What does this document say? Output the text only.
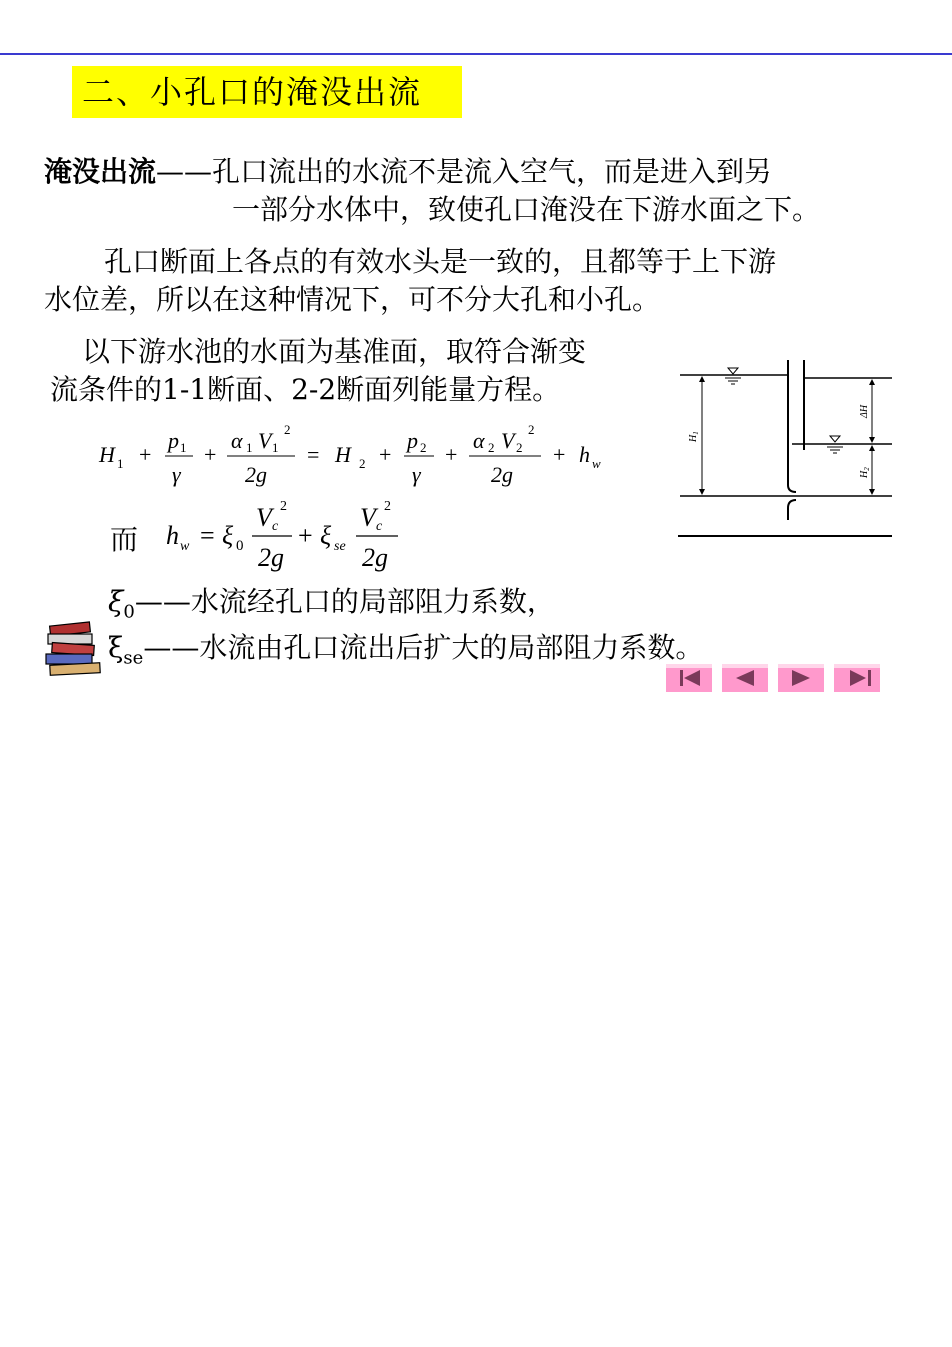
二、小孔口的淹没出流
淹没出流——孔口流出的水流不是流入空气，而是进入到另
一部分水体中，致使孔口淹没在下游水面之下。
孔口断面上各点的有效水头是一致的，且都等于上下游
水位差，所以在这种情况下，可不分大孔和小孔。
以下游水池的水面为基准面，取符合渐变
流条件的1-1断面、2-2断面列能量方程。
H 1 +
p 1
γ
+
α 1 V 1
2
2g
= H 2 +
p 2
γ
+
α 2 V 2
2
2g
+ h w
而 h w = ξ 0
V c
2
2g
+ ξ se
V c
2
2g
$\xi_0——$水流经孔口的局部阻力系数，
$\xi_{se}——$水流由孔口流出后扩大的局部阻力系数。
$H_1$
ΔH
$H_2$
